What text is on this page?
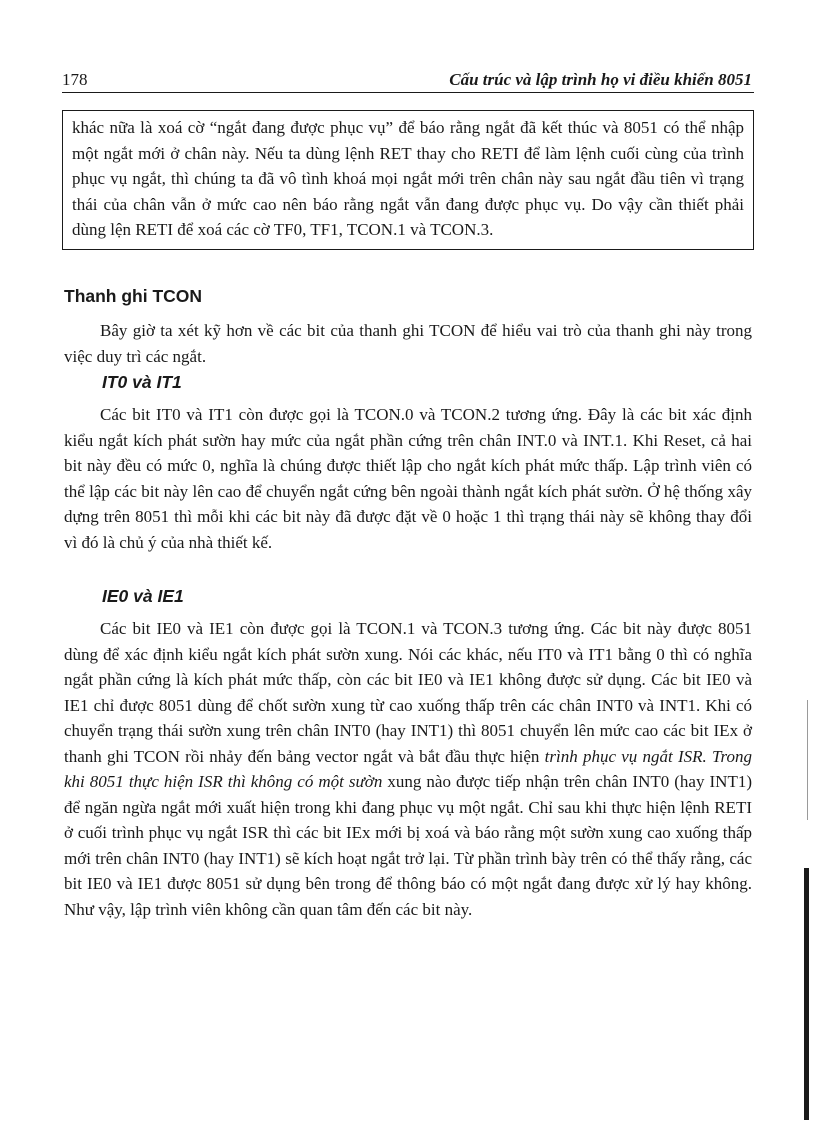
178	Cấu trúc và lập trình họ vi điều khiển 8051

khác nữa là xoá cờ “ngắt đang được phục vụ” để báo rằng ngắt đã kết thúc và 8051 có thể nhập một ngắt mới ở chân này. Nếu ta dùng lệnh RET thay cho RETI để làm lệnh cuối cùng của trình phục vụ ngắt, thì chúng ta đã vô tình khoá mọi ngắt mới trên chân này sau ngắt đầu tiên vì trạng thái của chân vẫn ở mức cao nên báo rằng ngắt vẫn đang được phục vụ. Do vậy cần thiết phải dùng lện RETI để xoá các cờ TF0, TF1, TCON.1 và TCON.3.

Thanh ghi TCON

Bây giờ ta xét kỹ hơn về các bit của thanh ghi TCON để hiểu vai trò của thanh ghi này trong việc duy trì các ngắt.

IT0 và IT1

Các bit IT0 và IT1 còn được gọi là TCON.0 và TCON.2 tương ứng. Đây là các bit xác định kiểu ngắt kích phát sườn hay mức của ngắt phần cứng trên chân INT.0 và INT.1. Khi Reset, cả hai bit này đều có mức 0, nghĩa là chúng được thiết lập cho ngắt kích phát mức thấp. Lập trình viên có thể lập các bit này lên cao để chuyển ngắt cứng bên ngoài thành ngắt kích phát sườn. Ở hệ thống xây dựng trên 8051 thì mỗi khi các bit này đã được đặt về 0 hoặc 1 thì trạng thái này sẽ không thay đổi vì đó là chủ ý của nhà thiết kế.

IE0 và IE1

Các bit IE0 và IE1 còn được gọi là TCON.1 và TCON.3 tương ứng. Các bit này được 8051 dùng để xác định kiểu ngắt kích phát sườn xung. Nói các khác, nếu IT0 và IT1 bằng 0 thì có nghĩa ngắt phần cứng là kích phát mức thấp, còn các bit IE0 và IE1 không được sử dụng. Các bit IE0 và IE1 chỉ được 8051 dùng để chốt sườn xung từ cao xuống thấp trên các chân INT0 và INT1. Khi có chuyển trạng thái sườn xung trên chân INT0 (hay INT1) thì 8051 chuyển lên mức cao các bit IEx ở thanh ghi TCON rồi nhảy đến bảng vector ngắt và bắt đầu thực hiện trình phục vụ ngắt ISR. Trong khi 8051 thực hiện ISR thì không có một sườn xung nào được tiếp nhận trên chân INT0 (hay INT1) để ngăn ngừa ngắt mới xuất hiện trong khi đang phục vụ một ngắt. Chỉ sau khi thực hiện lệnh RETI ở cuối trình phục vụ ngắt ISR thì các bit IEx mới bị xoá và báo rằng một sườn xung cao xuống thấp mới trên chân INT0 (hay INT1) sẽ kích hoạt ngắt trở lại. Từ phần trình bày trên có thể thấy rằng, các bit IE0 và IE1 được 8051 sử dụng bên trong để thông báo có một ngắt đang được xử lý hay không. Như vậy, lập trình viên không cần quan tâm đến các bit này.
